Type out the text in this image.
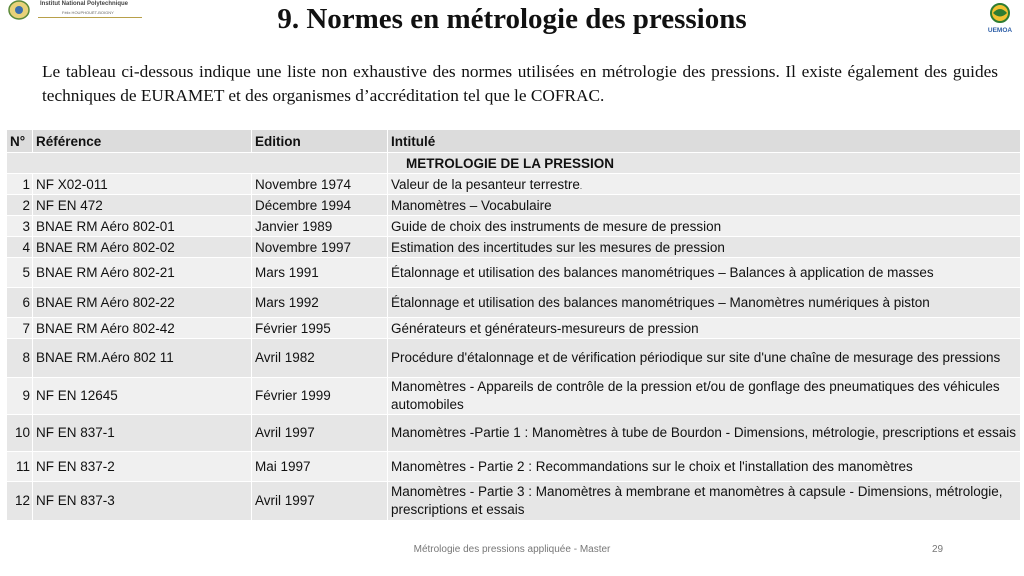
Institut National Polytechnique
Félix HOUPHOUËT-BOIGNY
UEMOA
9. Normes en métrologie des pressions

Le tableau ci-dessous indique une liste non exhaustive des normes utilisées en métrologie des pressions. Il existe également des guides techniques de EURAMET et des organismes d’accréditation tel que le COFRAC.

N°	Référence	Edition	Intitulé
			METROLOGIE DE LA PRESSION
1	NF X02-011	Novembre 1974	Valeur de la pesanteur terrestre.
2	NF EN 472	Décembre 1994	Manomètres – Vocabulaire
3	BNAE RM Aéro 802-01	Janvier 1989	Guide de choix des instruments de mesure de pression
4	BNAE RM Aéro 802-02	Novembre 1997	Estimation des incertitudes sur les mesures de pression
5	BNAE RM Aéro 802-21	Mars 1991	Étalonnage et utilisation des balances manométriques – Balances à application de masses
6	BNAE RM Aéro 802-22	Mars 1992	Étalonnage et utilisation des balances manométriques – Manomètres numériques à piston
7	BNAE RM Aéro 802-42	Février 1995	Générateurs et générateurs-mesureurs de pression
8	BNAE RM.Aéro 802 11	Avril 1982	Procédure d'étalonnage et de vérification périodique sur site d'une chaîne de mesurage des pressions
9	NF EN 12645	Février 1999	Manomètres - Appareils de contrôle de la pression et/ou de gonflage des pneumatiques des véhicules automobiles
10	NF EN 837-1	Avril 1997	Manomètres -Partie 1 : Manomètres à tube de Bourdon - Dimensions, métrologie, prescriptions et essais
11	NF EN 837-2	Mai 1997	Manomètres - Partie 2 : Recommandations sur le choix et l'installation des manomètres
12	NF EN 837-3	Avril 1997	Manomètres - Partie 3 : Manomètres à membrane et manomètres à capsule - Dimensions, métrologie, prescriptions et essais
Métrologie des pressions appliquée - Master	29
